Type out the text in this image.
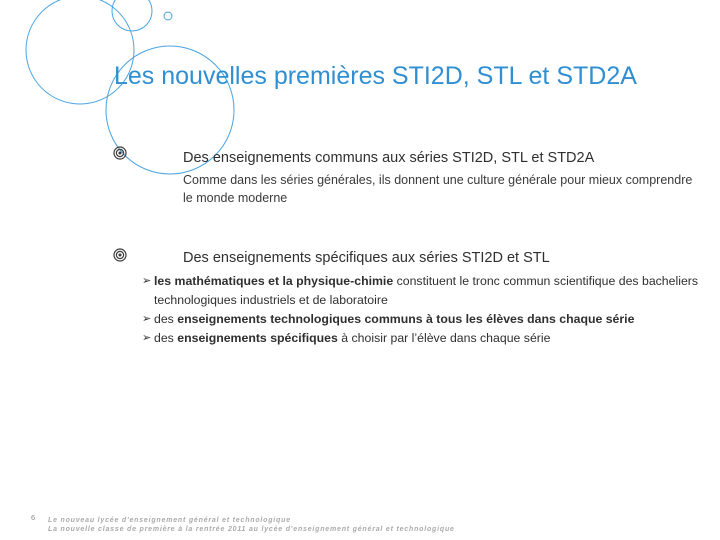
Les nouvelles premières STI2D, STL et STD2A

Des enseignements communs aux séries STI2D, STL et STD2A

Comme dans les séries générales, ils donnent une culture générale pour mieux comprendre le monde moderne

Des enseignements spécifiques aux séries STI2D et STL

➢ les mathématiques et la physique-chimie constituent le tronc commun scientifique des bacheliers technologiques industriels et de laboratoire
➢ des enseignements technologiques communs à tous les élèves dans chaque série
➢ des enseignements spécifiques à choisir par l’élève dans chaque série

6 Le nouveau lycée d'enseignement général et technologique
La nouvelle classe de première à la rentrée 2011 au lycée d'enseignement général et technologique
